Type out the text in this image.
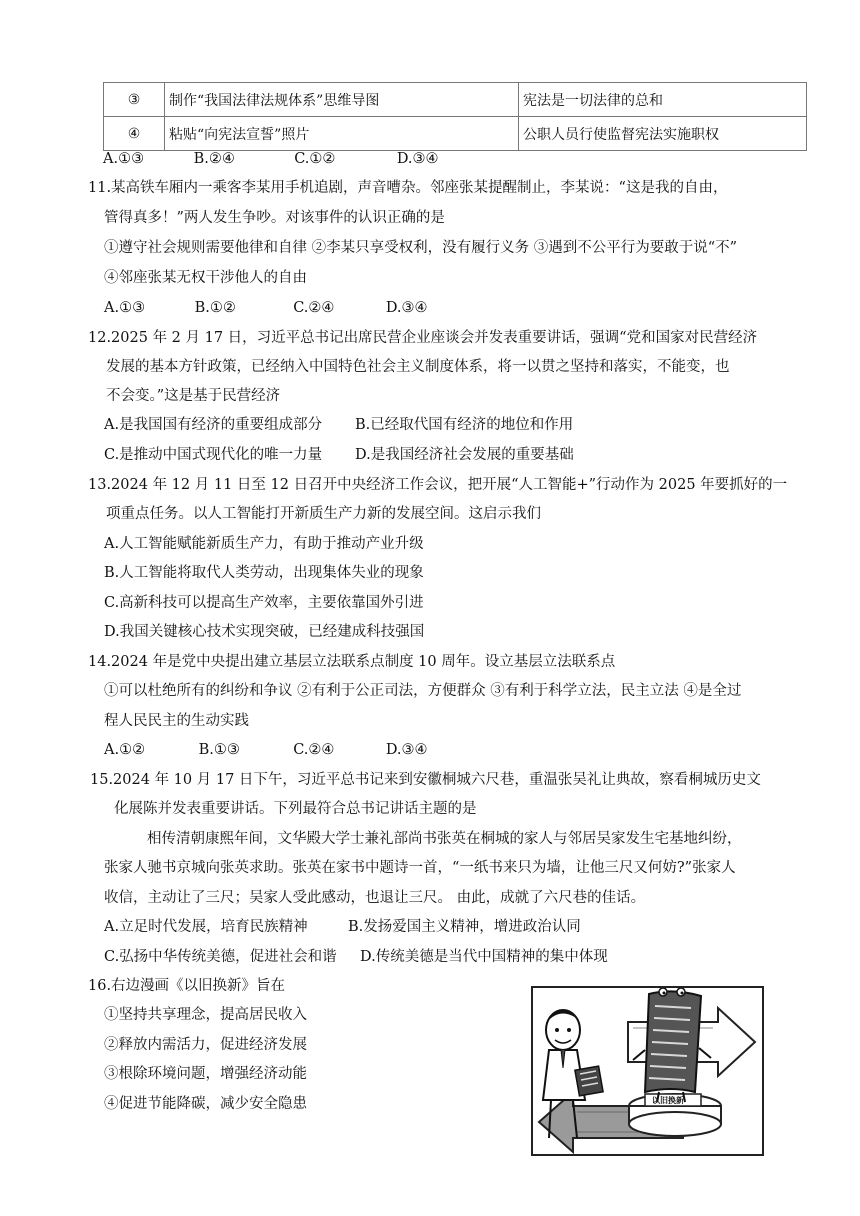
③	制作“我国法律法规体系”思维导图	宪法是一切法律的总和
④	粘贴“向宪法宣誓”照片	公职人员行使监督宪法实施职权
A.①③	B.②④	C.①②	D.③④
11.某高铁车厢内一乘客李某用手机追剧，声音嘈杂。邻座张某提醒制止，李某说：“这是我的自由，
管得真多！”两人发生争吵。对该事件的认识正确的是
①遵守社会规则需要他律和自律 ②李某只享受权利，没有履行义务 ③遇到不公平行为要敢于说“不”
④邻座张某无权干涉他人的自由
A.①③	B.①②	C.②④	D.③④
12.2025 年 2 月 17 日，习近平总书记出席民营企业座谈会并发表重要讲话，强调“党和国家对民营经济
发展的基本方针政策，已经纳入中国特色社会主义制度体系，将一以贯之坚持和落实，不能变，也
不会变。”这是基于民营经济
A.是我国国有经济的重要组成部分 B.已经取代国有经济的地位和作用
C.是推动中国式现代化的唯一力量 D.是我国经济社会发展的重要基础
13.2024 年 12 月 11 日至 12 日召开中央经济工作会议，把开展“人工智能+”行动作为 2025 年要抓好的一
项重点任务。以人工智能打开新质生产力新的发展空间。这启示我们
A.人工智能赋能新质生产力，有助于推动产业升级
B.人工智能将取代人类劳动，出现集体失业的现象
C.高新科技可以提高生产效率，主要依靠国外引进
D.我国关键核心技术实现突破，已经建成科技强国
14.2024 年是党中央提出建立基层立法联系点制度 10 周年。设立基层立法联系点
①可以杜绝所有的纠纷和争议 ②有利于公正司法，方便群众 ③有利于科学立法，民主立法 ④是全过
程人民民主的生动实践
A.①②	B.①③	C.②④	D.③④
15.2024 年 10 月 17 日下午，习近平总书记来到安徽桐城六尺巷，重温张吴礼让典故，察看桐城历史文
化展陈并发表重要讲话。下列最符合总书记讲话主题的是
相传清朝康熙年间，文华殿大学士兼礼部尚书张英在桐城的家人与邻居吴家发生宅基地纠纷，
张家人驰书京城向张英求助。张英在家书中题诗一首，“一纸书来只为墙，让他三尺又何妨?”张家人
收信，主动让了三尺；吴家人受此感动，也退让三尺。 由此，成就了六尺巷的佳话。
A.立足时代发展，培育民族精神	B.发扬爱国主义精神，增进政治认同
C.弘扬中华传统美德，促进社会和谐 D.传统美德是当代中国精神的集中体现
16.右边漫画《以旧换新》旨在
①坚持共享理念，提高居民收入
②释放内需活力，促进经济发展
③根除环境问题，增强经济动能
④促进节能降碳，减少安全隐患	以旧换新
